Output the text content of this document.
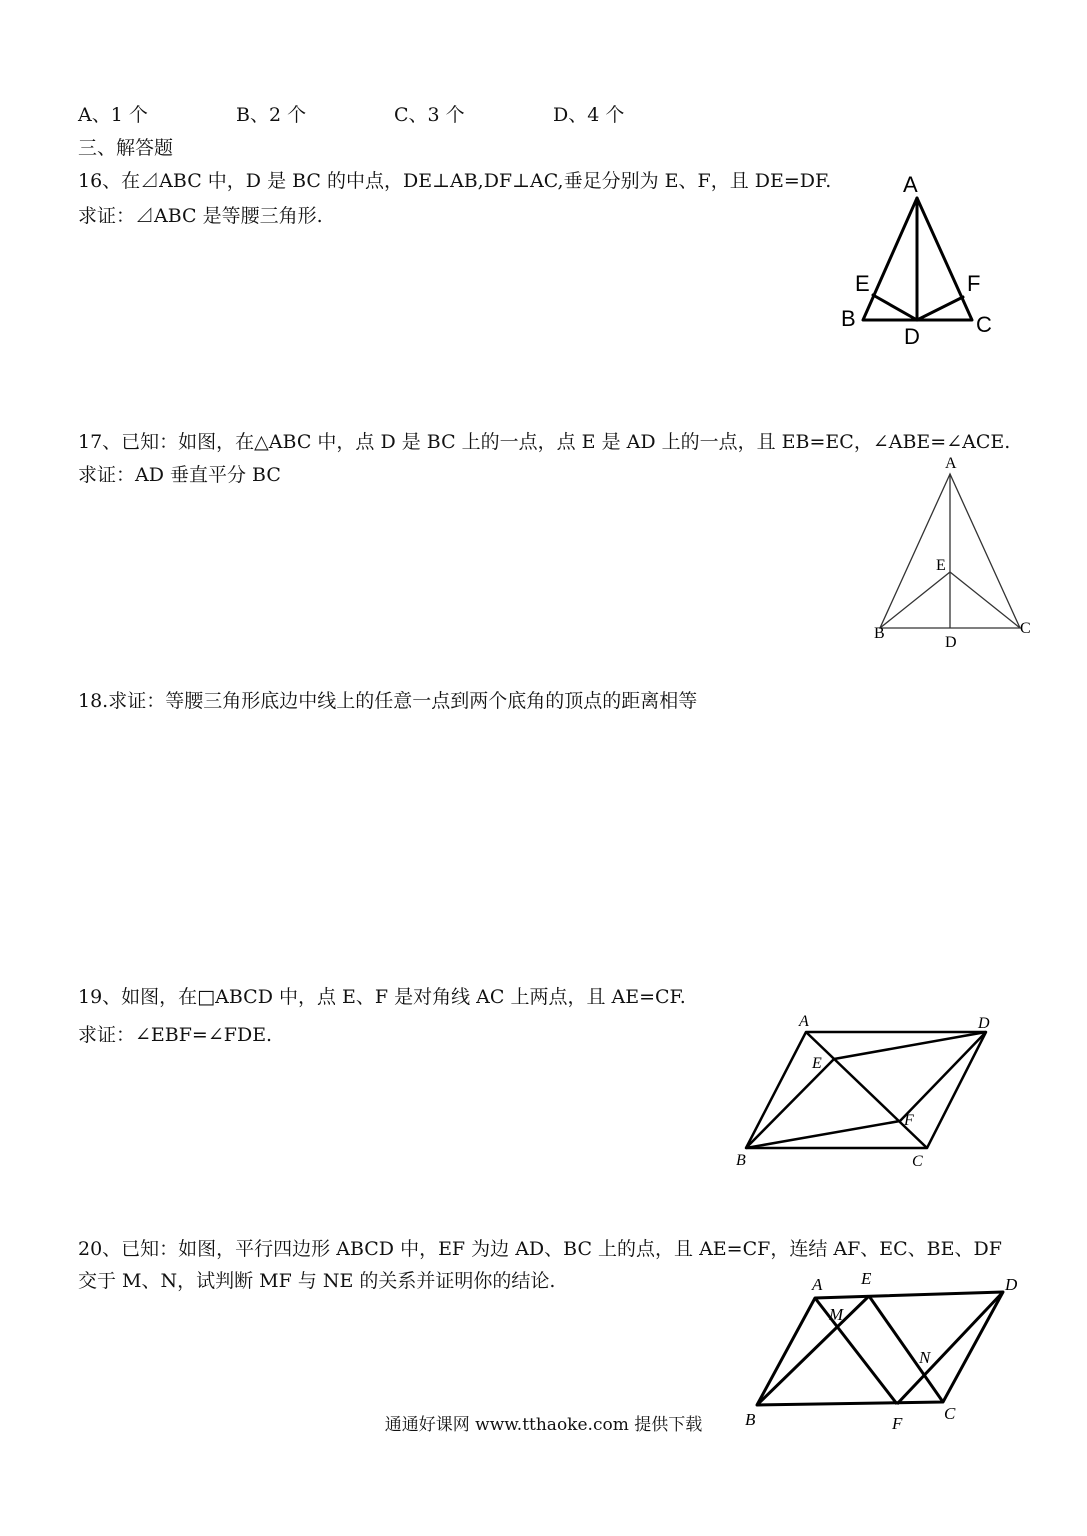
A、1 个	B、2 个	C、3 个	D、4 个
三、解答题
16、在⊿ABC 中，D 是 BC 的中点，DE⊥AB,DF⊥AC,垂足分别为 E、F，且 DE=DF.
求证：⊿ABC 是等腰三角形.
A
E	F
B
D	C
17、已知：如图，在△ABC 中，点 D 是 BC 上的一点，点 E 是 AD 上的一点，且 EB=EC，∠ABE=∠ACE.
求证：AD 垂直平分 BC
A
E
B
D
C
18.求证：等腰三角形底边中线上的任意一点到两个底角的顶点的距离相等
19、如图，在□ABCD 中，点 E、F 是对角线 AC 上两点，且 AE=CF.
求证：∠EBF=∠FDE.
A	D
E
F
B	C
20、已知：如图，平行四边形 ABCD 中，EF 为边 AD、BC 上的点，且 AE=CF，连结 AF、EC、BE、DF
交于 M、N，试判断 MF 与 NE 的关系并证明你的结论.	A E	D
M
N
B	F
C
通通好课网 www.tthaoke.com 提供下载
